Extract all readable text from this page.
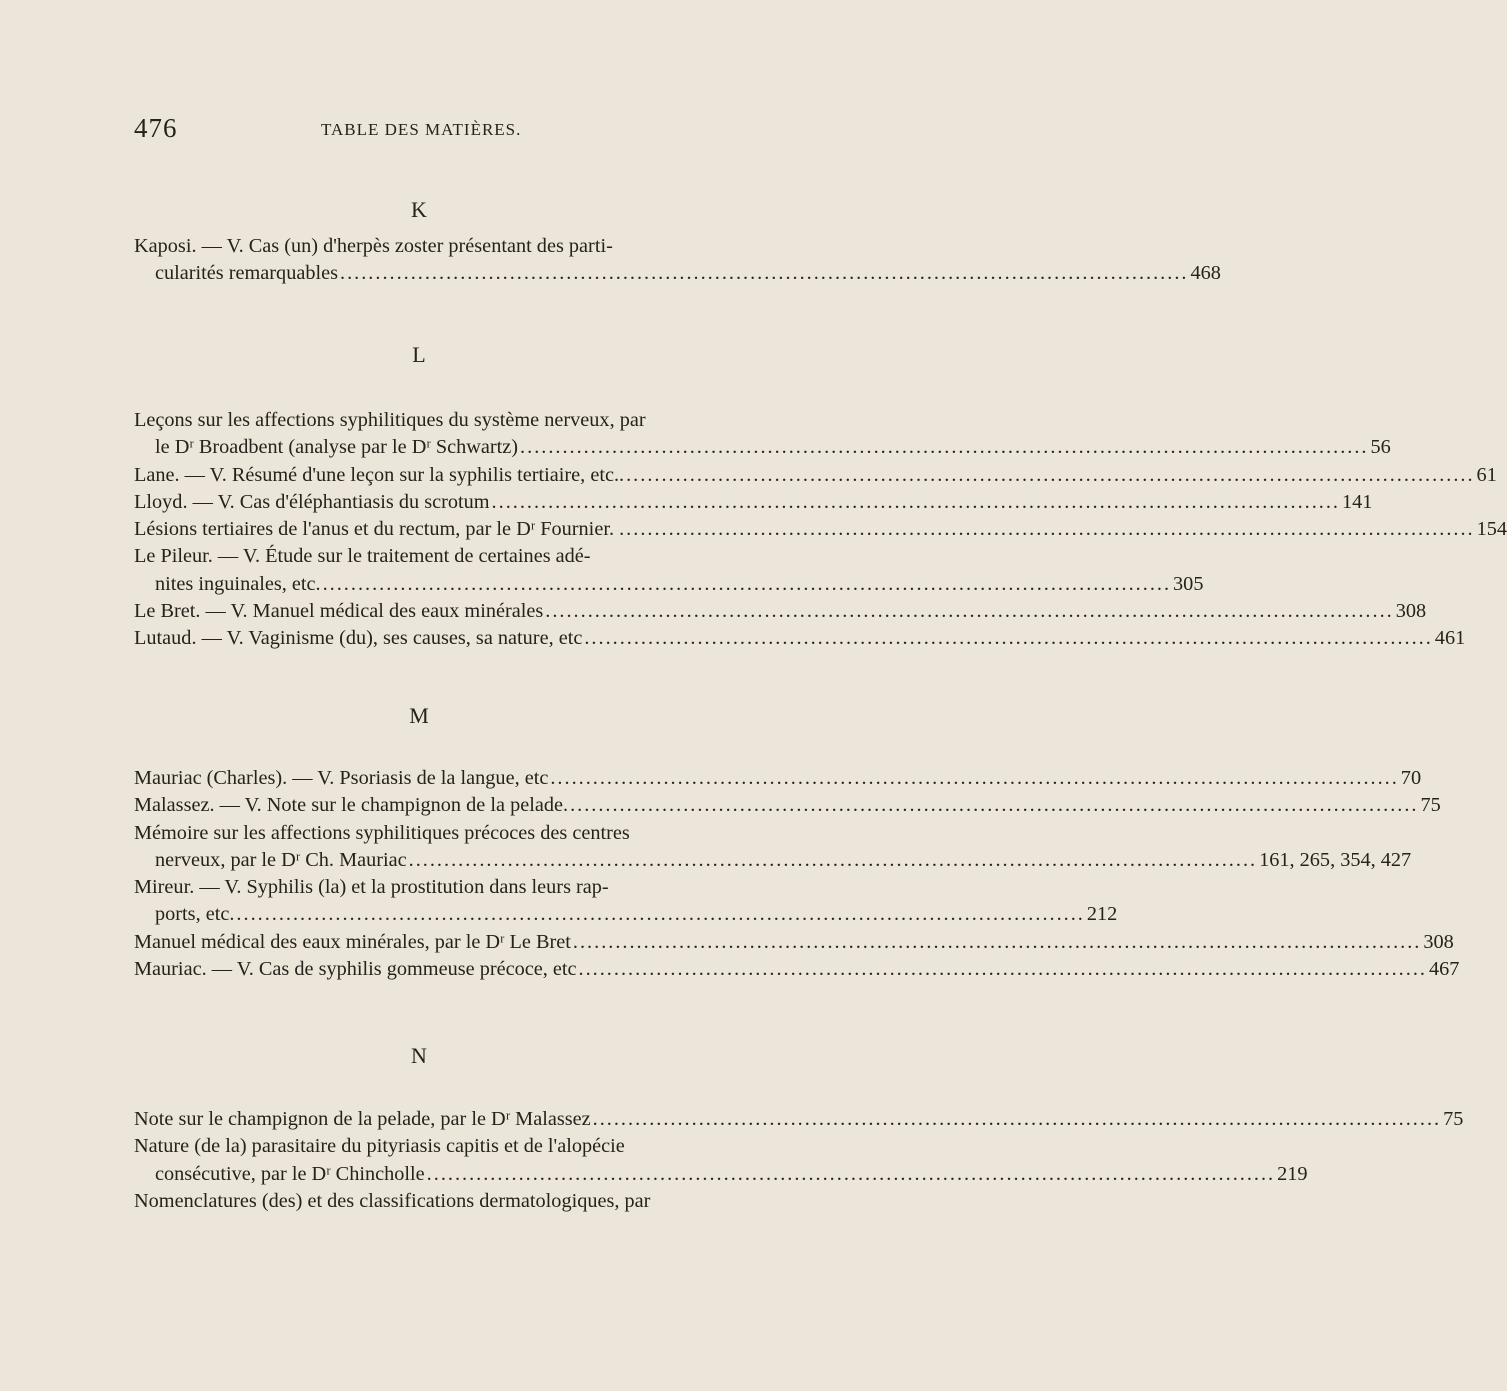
476	TABLE DES MATIÈRES.
K
Kaposi. — V. Cas (un) d'herpès zoster présentant des parti-
cularités remarquables ........................................................................................................................ 468
L
Leçons sur les affections syphilitiques du système nerveux, par
le Dʳ Broadbent (analyse par le Dʳ Schwartz) ........................................................................................................................ 56
Lane. — V. Résumé d'une leçon sur la syphilis tertiaire, etc.. ........................................................................................................................ 61
Lloyd. — V. Cas d'éléphantiasis du scrotum ........................................................................................................................ 141
Lésions tertiaires de l'anus et du rectum, par le Dʳ Fournier. . ........................................................................................................................ 154
Le Pileur. — V. Étude sur le traitement de certaines adé-
nites inguinales, etc. ........................................................................................................................ 305
Le Bret. — V. Manuel médical des eaux minérales ........................................................................................................................ 308
Lutaud. — V. Vaginisme (du), ses causes, sa nature, etc ........................................................................................................................ 461
M
Mauriac (Charles). — V. Psoriasis de la langue, etc ........................................................................................................................ 70
Malassez. — V. Note sur le champignon de la pelade. ........................................................................................................................ 75
Mémoire sur les affections syphilitiques précoces des centres
nerveux, par le Dʳ Ch. Mauriac ........................................................................................................................ 161, 265, 354, 427
Mireur. — V. Syphilis (la) et la prostitution dans leurs rap-
ports, etc. ........................................................................................................................ 212
Manuel médical des eaux minérales, par le Dʳ Le Bret ........................................................................................................................ 308
Mauriac. — V. Cas de syphilis gommeuse précoce, etc ........................................................................................................................ 467
N
Note sur le champignon de la pelade, par le Dʳ Malassez ........................................................................................................................ 75
Nature (de la) parasitaire du pityriasis capitis et de l'alopécie
consécutive, par le Dʳ Chincholle ........................................................................................................................ 219
Nomenclatures (des) et des classifications dermatologiques, par
